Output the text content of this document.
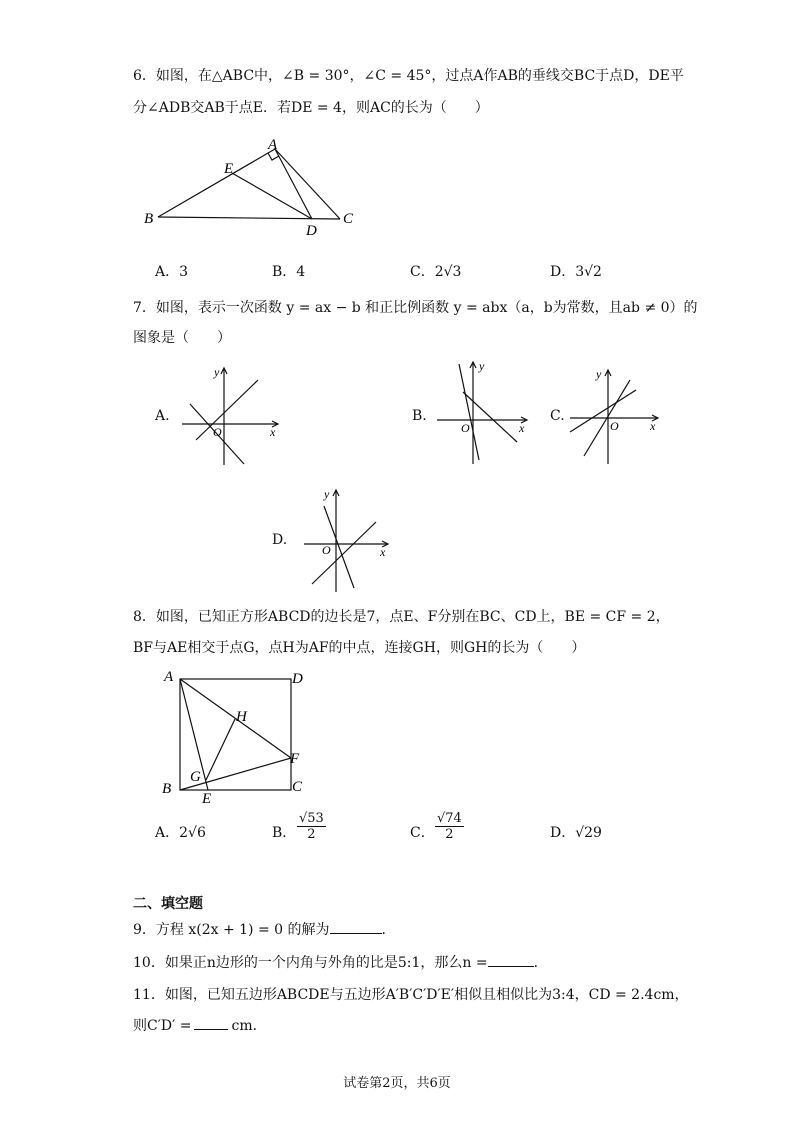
6．如图，在△ABC中，∠B = 30°，∠C = 45°，过点A作AB的垂线交BC于点D，DE平
分∠ADB交AB于点E．若DE = 4，则AC的长为（　　）
A
B	C
D
E
A．3	B．4	C．2√3	D．3√2
7．如图，表示一次函数 y = ax − b 和正比例函数 y = abx（a，b为常数，且ab ≠ 0）的
图象是（　　）
A.
O	x
y
B.
O	x
y
C.
O	x
y
D.
O	x
y
8．如图，已知正方形ABCD的边长是7，点E、F分别在BC、CD上，BE = CF = 2，
BF与AE相交于点G，点H为AF的中点，连接GH，则GH的长为（　　）
A	D
B	C
E
F
G
H
A．2√6	B． $\frac{√53}{2}$	C． $\frac{√74}{2}$	D．√29
二、填空题
9．方程 x(2x + 1) = 0 的解为	．
10．如果正n边形的一个内角与外角的比是5:1，那么n =	．
11．如图，已知五边形ABCDE与五边形A′B′C′D′E′相似且相似比为3:4，CD = 2.4cm，
则C′D′ =	cm．
试卷第2页，共6页
